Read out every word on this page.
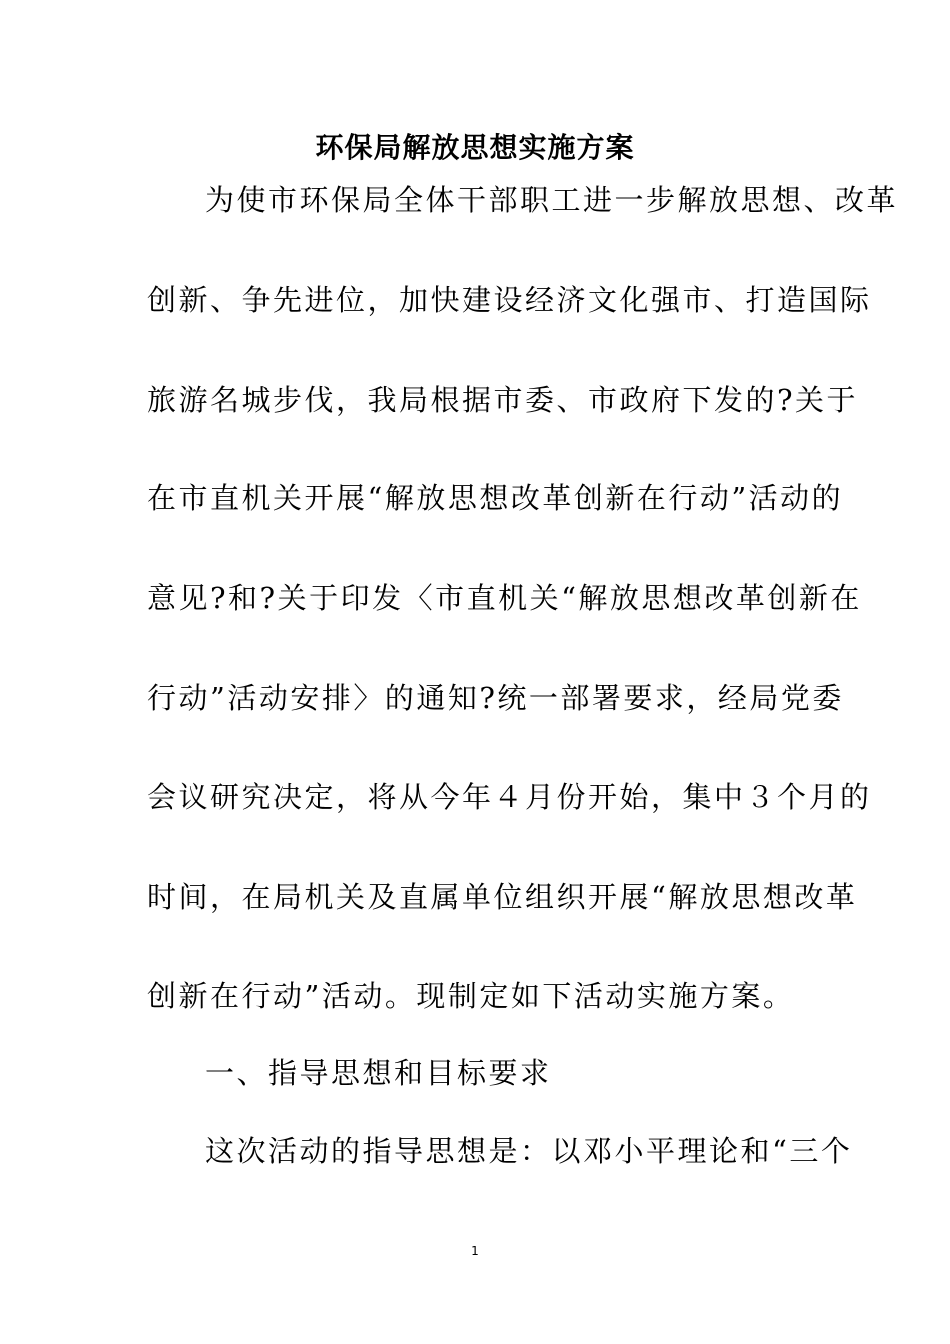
环保局解放思想实施方案
为使市环保局全体干部职工进一步解放思想、改革
创新、争先进位，加快建设经济文化强市、打造国际
旅游名城步伐，我局根据市委、市政府下发的?关于
在市直机关开展“解放思想改革创新在行动”活动的
意见?和?关于印发〈市直机关“解放思想改革创新在
行动”活动安排〉的通知?统一部署要求，经局党委
会议研究决定，将从今年４月份开始，集中３个月的
时间，在局机关及直属单位组织开展“解放思想改革
创新在行动”活动。现制定如下活动实施方案。
一、指导思想和目标要求
这次活动的指导思想是：以邓小平理论和“三个
1
